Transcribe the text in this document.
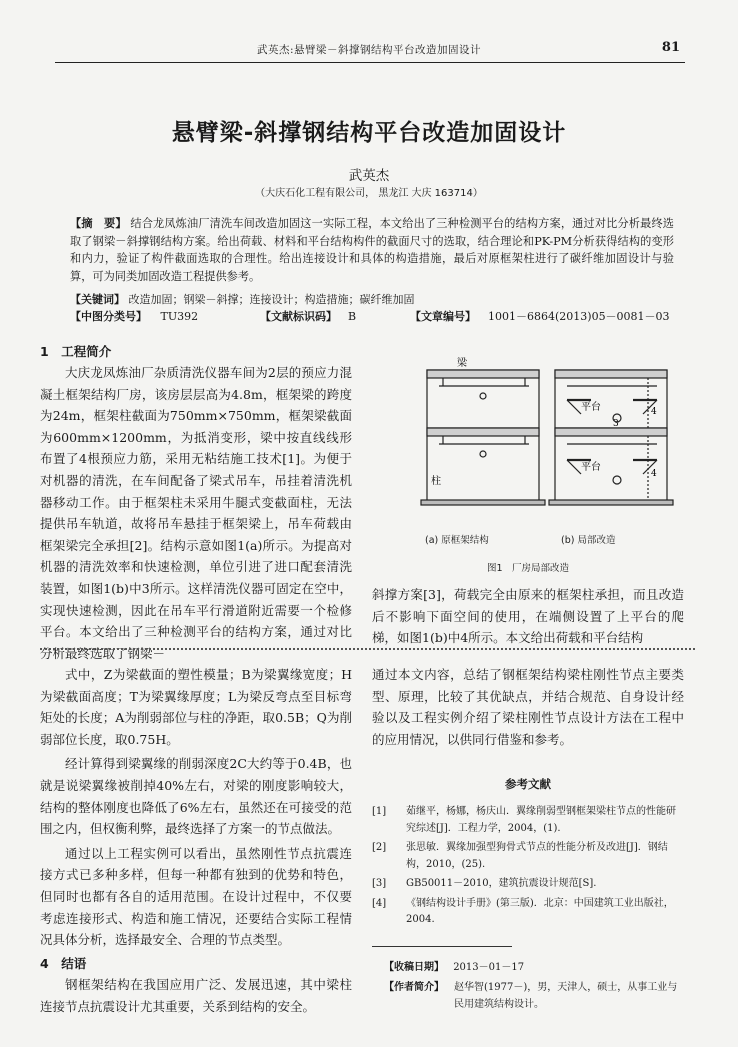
武英杰:悬臂梁－斜撑钢结构平台改造加固设计	81
悬臂梁-斜撑钢结构平台改造加固设计
武英杰
（大庆石化工程有限公司， 黑龙江 大庆 163714）
【摘　要】 结合龙凤炼油厂清洗车间改造加固这一实际工程，本文给出了三种检测平台的结构方案，通过对比分析最终选取了钢梁－斜撑钢结构方案。给出荷载、材料和平台结构构件的截面尺寸的选取，结合理论和PK-PM分析获得结构的变形和内力，验证了构件截面选取的合理性。给出连接设计和具体的构造措施，最后对原框架柱进行了碳纤维加固设计与验算，可为同类加固改造工程提供参考。
【关键词】 改造加固；钢梁－斜撑；连接设计；构造措施；碳纤维加固
【中图分类号】 TU392	【文献标识码】 B	【文章编号】 1001－6864(2013)05－0081－03
1　工程简介

大庆龙凤炼油厂杂质清洗仪器车间为2层的预应力混凝土框架结构厂房，该房层层高为4.8m，框架梁的跨度为24m，框架柱截面为750mm×750mm，框架梁截面为600mm×1200mm，为抵消变形，梁中按直线线形布置了4根预应力筋，采用无粘结施工技术[1]。为便于对机器的清洗，在车间配备了梁式吊车，吊挂着清洗机器移动工作。由于框架柱未采用牛腿式变截面柱，无法提供吊车轨道，故将吊车悬挂于框架梁上，吊车荷载由框架梁完全承担[2]。结构示意如图1(a)所示。为提高对机器的清洗效率和快速检测，单位引进了进口配套清洗装置，如图1(b)中3所示。这样清洗仪器可固定在空中，实现快速检测，因此在吊车平行滑道附近需要一个检修平台。本文给出了三种检测平台的结构方案，通过对比分析最终选取了钢梁－

梁
柱
平台
平台
3
4
4
(a) 原框架结构	(b) 局部改造
图1　厂房局部改造

斜撑方案[3]，荷载完全由原来的框架柱承担，而且改造后不影响下面空间的使用，在端侧设置了上平台的爬梯，如图1(b)中4所示。本文给出荷载和平台结构

式中，Z为梁截面的塑性模量；B为梁翼缘宽度；H为梁截面高度；T为梁翼缘厚度；L为梁反弯点至目标弯矩处的长度；A为削弱部位与柱的净距，取0.5B；Q为削弱部位长度，取0.75H。

经计算得到梁翼缘的削弱深度2C大约等于0.4B，也就是说梁翼缘被削掉40%左右，对梁的刚度影响较大，结构的整体刚度也降低了6%左右，虽然还在可接受的范围之内，但权衡利弊，最终选择了方案一的节点做法。

通过以上工程实例可以看出，虽然刚性节点抗震连接方式已多种多样，但每一种都有独到的优势和特色，但同时也都有各自的适用范围。在设计过程中，不仅要考虑连接形式、构造和施工情况，还要结合实际工程情况具体分析，选择最安全、合理的节点类型。

4　结语

钢框架结构在我国应用广泛、发展迅速，其中梁柱连接节点抗震设计尤其重要，关系到结构的安全。

通过本文内容，总结了钢框架结构梁柱刚性节点主要类型、原理，比较了其优缺点，并结合规范、自身设计经验以及工程实例介绍了梁柱刚性节点设计方法在工程中的应用情况，以供同行借鉴和参考。

参考文献
[1] 茹继平，杨娜，杨庆山．翼缘削弱型钢框架梁柱节点的性能研究综述[J]．工程力学，2004，(1).
[2] 张思敏．翼缘加强型狗骨式节点的性能分析及改进[J]．钢结构，2010，(25).
[3] GB50011－2010，建筑抗震设计规范[S].
[4] 《钢结构设计手册》(第三版)．北京：中国建筑工业出版社，2004.
【收稿日期】 2013－01－17
【作者简介】 赵华智(1977－)，男，天津人，硕士，从事工业与民用建筑结构设计。
